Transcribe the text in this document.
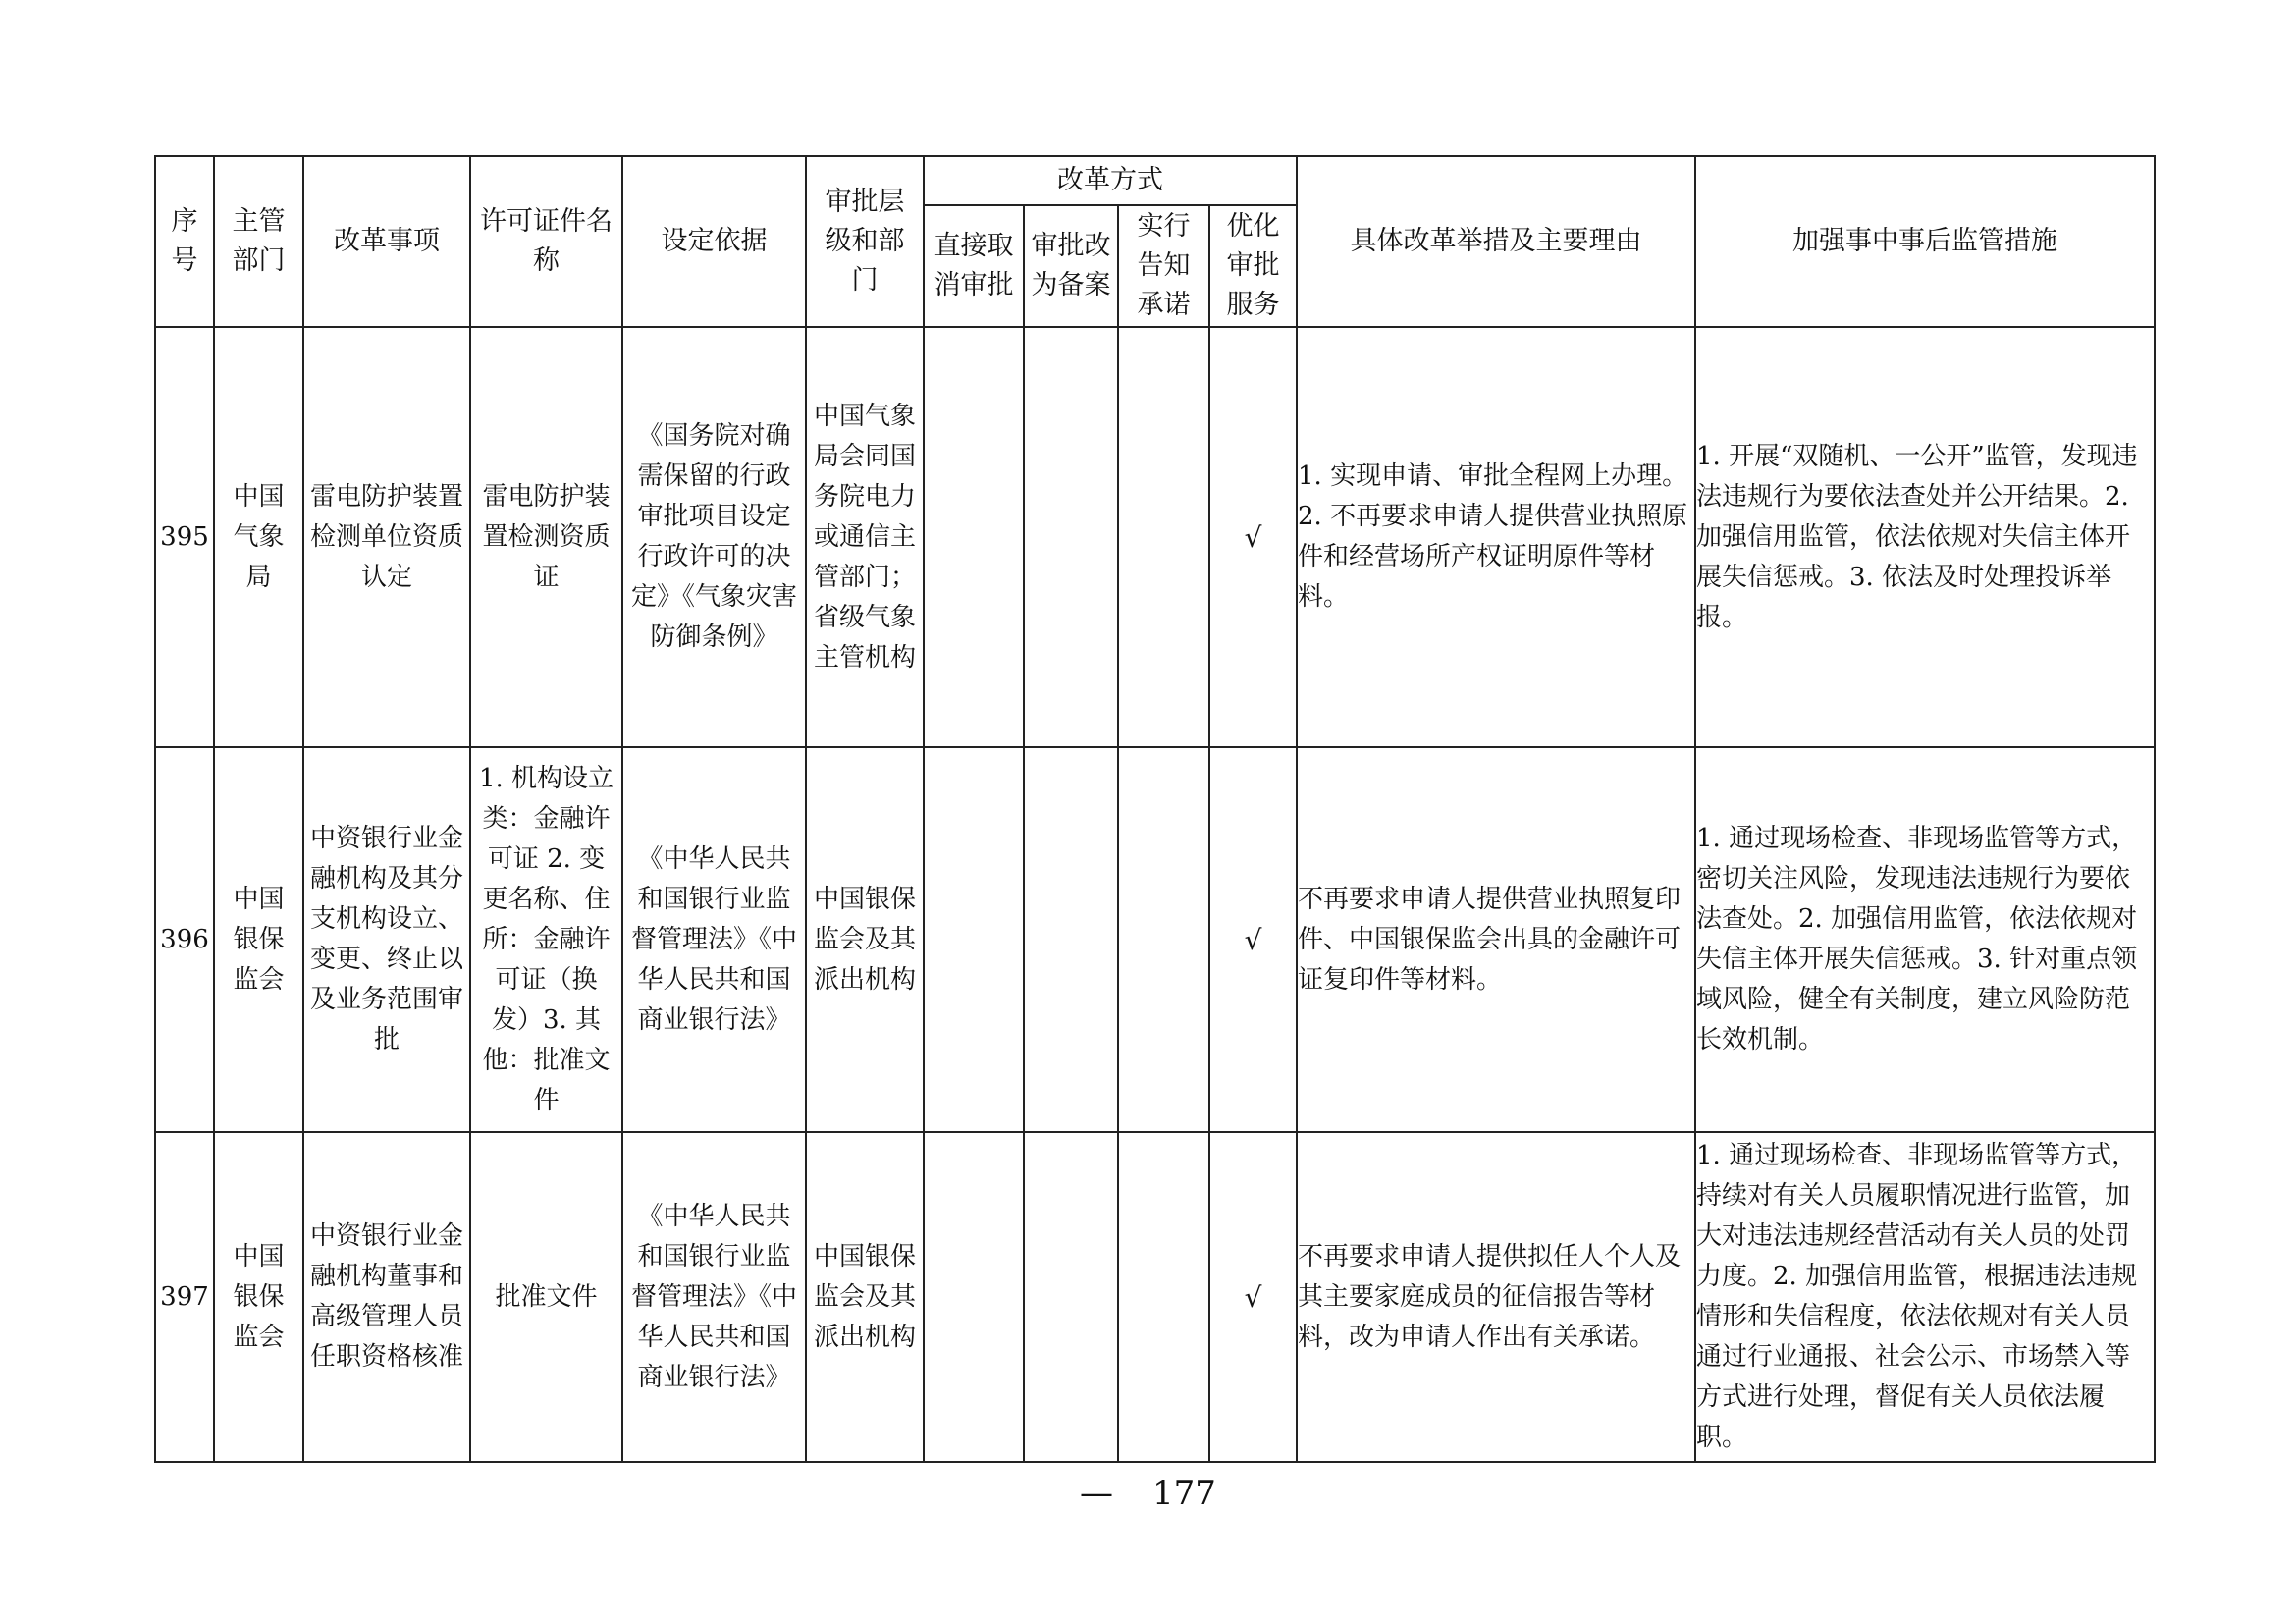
序号	主管部门	改革事项	许可证件名称	设定依据	审批层级和部门	改革方式				具体改革举措及主要理由	加强事中事后监管措施

						直接取消审批	审批改为备案	实行告知承诺	优化审批服务		

395	中国气象局	雷电防护装置检测单位资质认定	雷电防护装置检测资质证	《国务院对确需保留的行政审批项目设定行政许可的决定》《气象灾害防御条例》	中国气象局会同国务院电力或通信主管部门；省级气象主管机构				√	1. 实现申请、审批全程网上办理。2. 不再要求申请人提供营业执照原件和经营场所产权证明原件等材料。	1. 开展“双随机、一公开”监管，发现违法违规行为要依法查处并公开结果。2. 加强信用监管，依法依规对失信主体开展失信惩戒。3. 依法及时处理投诉举报。
396	中国银保监会	中资银行业金融机构及其分支机构设立、变更、终止以及业务范围审批	1. 机构设立类：金融许可证 2. 变更名称、住所：金融许可证（换发）3. 其他：批准文件	《中华人民共和国银行业监督管理法》《中华人民共和国商业银行法》	中国银保监会及其派出机构				√	不再要求申请人提供营业执照复印件、中国银保监会出具的金融许可证复印件等材料。	1. 通过现场检查、非现场监管等方式，密切关注风险，发现违法违规行为要依法查处。2. 加强信用监管，依法依规对失信主体开展失信惩戒。3. 针对重点领域风险，健全有关制度，建立风险防范长效机制。
397	中国银保监会	中资银行业金融机构董事和高级管理人员任职资格核准	批准文件	《中华人民共和国银行业监督管理法》《中华人民共和国商业银行法》	中国银保监会及其派出机构				√	不再要求申请人提供拟任人个人及其主要家庭成员的征信报告等材料，改为申请人作出有关承诺。	1. 通过现场检查、非现场监管等方式，持续对有关人员履职情况进行监管，加大对违法违规经营活动有关人员的处罚力度。2. 加强信用监管，根据违法违规情形和失信程度，依法依规对有关人员通过行业通报、社会公示、市场禁入等方式进行处理，督促有关人员依法履职。
— 177
